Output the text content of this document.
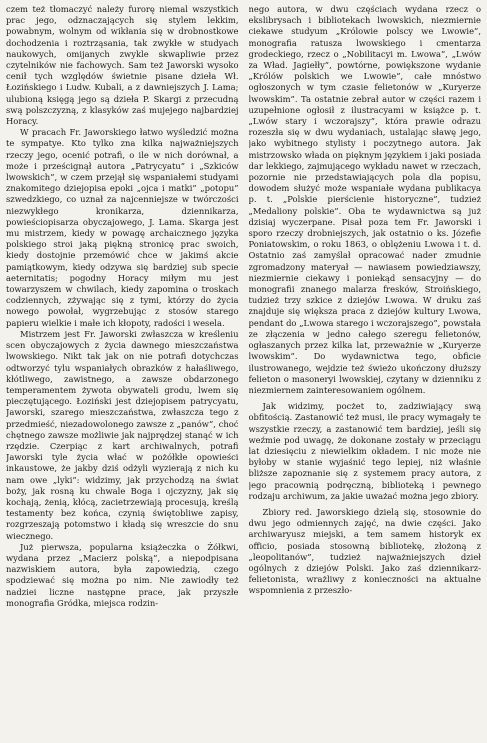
czem też tłomaczyć należy furorę niemal wszystkich prac jego, odznaczających się stylem lekkim, powabnym, wolnym od wikłania się w drobnostkowe dochodzenia i roztrząsania, tak zwykłe w studyach naukowych, omijanych zwykle skwapliwie przez czytelników nie fachowych. Sam też Jaworski wysoko cenił tych względów świetnie pisane dzieła Wł. Łozińskiego i Ludw. Kubali, a z dawniejszych J. Lama; ulubioną księgą jego są dzieła P. Skargi z przecudną swą polszczyzną, z klasyków zaś mujejego najbardziej Horacy.

W pracach Fr. Jaworskiego łatwo wyśledzić można te sympatye. Kto tylko zna kilka najważniejszych rzeczy jego, ocenić potrafi, o ile w nich dorównał, a może i prześcignął autora „Patrycyatu” i „Szkiców lwowskich”, w czem przejął się wspaniałemi studyami znakomitego dziejopisa epoki „ojca i matki” „potopu” szwedzkiego, co uznał za najcenniejsze w twórczości niezwykłego kronikarza, dziennikarza, powieściopisarza obyczajowego, J. Lama. Skarga jest mu mistrzem, kiedy w powagę archaicznego języka polskiego stroi jaką piękną stronicę prac swoich, kiedy dostojnie przemówić chce w jakimś akcie pamiątkowym, kiedy odzywa się bardziej sub specie aeternitatis; pogodny Horacy miłym mu jest towarzyszem w chwilach, kiedy zapomina o troskach codziennych, zżywając się z tymi, którzy do życia nowego powołał, wygrzebując z stosów starego papieru wielkie i małe ich kłopoty, radości i wesela.

Mistrzem jest Fr. Jaworski zwłaszcza w kreśleniu scen obyczajowych z życia dawnego mieszczaństwa lwowskiego. Nikt tak jak on nie potrafi dotychczas odtworzyć tylu wspaniałych obrazków z hałaśliwego, kłótliwego, zawistnego, a zawsze obdarzonego temperamentem żywota obywateli grodu, lwem się pieczętującego. Łoziński jest dziejopisem patrycyatu, Jaworski, szarego mieszczaństwa, zwłaszcza tego z przedmieść, niezadowolonego zawsze z „panów”, choć chętnego zawsze możliwie jak najprędzej stanąć w ich rzędzie. Czerpiąc z kart archiwalnych, potrafi Jaworski tyle życia włać w pożółkłe opowieści inkaustowe, że jakby dziś odżyli wyzierają z nich ku nam owe „lyki”: widzimy, jak przychodzą na świat boży, jak rosną ku chwale Boga i ojczyzny, jak się kochają, żenią, kłócą, zacietrzewiają procesują, kreślą testamenty bez końca, czynią świętobliwe zapisy, rozgrzeszają potomstwo i kładą się wreszcie do snu wiecznego.

Już pierwsza, popularna książeczka o Żółkwi, wydana przez „Macierz polską”, a niepodpisana nazwiskiem autora, była zapowiedzią, czego spodziewać się można po nim. Nie zawiodły też nadziei liczne następne prace, jak przyszłe monografia Gródka, miejsca rodzin-

nego autora, w dwu częściach wydana rzecz o ekslibrysach i bibliotekach lwowskich, niezmiernie ciekawe studyum „Królowie polscy we Lwowie”, monografia ratusza lwowskiego i cmentarza grodeckiego, rzecz o „Nobilitacyi m. Lwowa”, „Lwów za Wład. Jagiełły”, powtórne, powiększone wydanie „Królów polskich we Lwowie”, całe mnóstwo ogłoszonych w tym czasie felietonów w „Kuryerze lwowskim”. Ta ostatnie zebrał autor w części razem i uzupełnione ogłosił z ilustracyami w książce p. t. „Lwów stary i wczorajszy”, która prawie odrazu rozeszła się w dwu wydaniach, ustalając sławę jego, jako wybitnego stylisty i poczytnego autora. Jak mistrzowsko włada on pięknym językiem i jaki posiada dar lekkiego, zajmującego wykładu nawet w rzeczach, pozornie nie przedstawiających pola dla popisu, dowodem służyć może wspaniałe wydana publikacya p. t. „Polskie pierścienie historyczne”, tudzież „Medaliony polskie”. Oba te wydawnictwa są już dzisiaj wyczerpane. Pisał poza tem Fr. Jaworski i sporo rzeczy drobniejszych, jak ostatnio o ks. Józefie Poniatowskim, o roku 1863, o oblężeniu Lwowa i t. d. Ostatnio zaś zamyślał opracować nader zmudnie zgromadzony materyał — nawiasem powiedziawszy, niezmiernie ciekawy i poniekąd sensacyjny — do monografii znanego malarza fresków, Stroińskiego, tudzież trzy szkice z dziejów Lwowa. W druku zaś znajduje się większa praca z dziejów kultury Lwowa, pendant do „Lwowa starego i wczorajszego”, powstała ze złączenia w jedno całego szeregu felietonów, ogłaszanych przez kilka lat, przeważnie w „Kuryerze lwowskim”. Do wydawnictwa tego, obficie ilustrowanego, wejdzie też świeżo ukończony dłuższy felieton o masoneryi lwowskiej, czytany w dzienniku z niezmiernem zainteresowaniem ogólnem.

Jak widzimy, pocżet to, zadziwiający swą obfitością. Zastanowić też musi, ile pracy wymagały te wszystkie rzeczy, a zastanowić tem bardziej, jeśli się weźmie pod uwagę, że dokonane zostały w przeciągu lat dziesięciu z niewielkim okładem. I nic może nie byłoby w stanie wyjaśnić tego lepiej, niż właśnie bliższe zapoznanie się z systemem pracy autora, z jego pracownią podręczną, biblioteką i pewnego rodzaju archiwum, za jakie uważać można jego zbiory.

Zbiory red. Jaworskiego dzielą się, stosownie do dwu jego odmiennych zajęć, na dwie części. Jako archiwaryusz miejski, a tem samem historyk ex officio, posiada stosowną bibliotekę, złożoną z „leopolitanów”, tudzież najważniejszych dzieł ogólnych z dziejów Polski. Jako zaś dziennikarz-felietonista, wrażliwy z konieczności na aktualne wspomnienia z przeszło-
